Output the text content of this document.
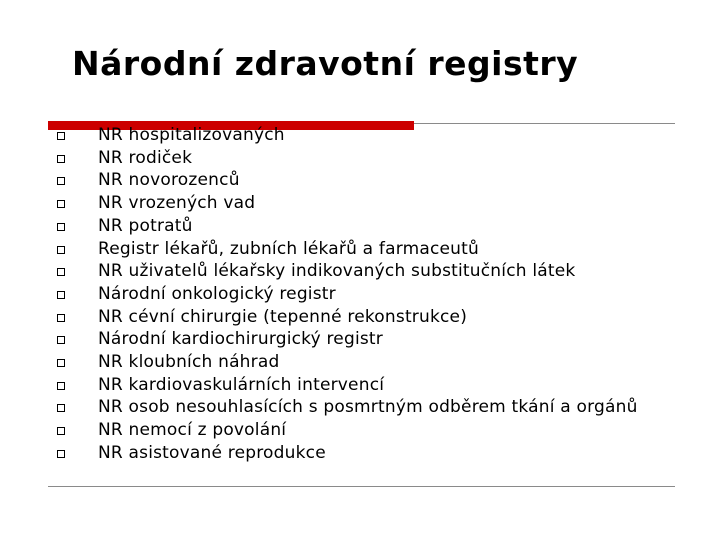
Národní zdravotní registry
NR hospitalizovaných
NR rodiček
NR novorozenců
NR vrozených vad
NR potratů
Registr lékařů, zubních lékařů a farmaceutů
NR uživatelů lékařsky indikovaných substitučních látek
Národní onkologický registr
NR cévní chirurgie (tepenné rekonstrukce)
Národní kardiochirurgický registr
NR kloubních náhrad
NR kardiovaskulárních intervencí
NR osob nesouhlasících s posmrtným odběrem tkání a orgánů
NR nemocí z povolání
NR asistované reprodukce
